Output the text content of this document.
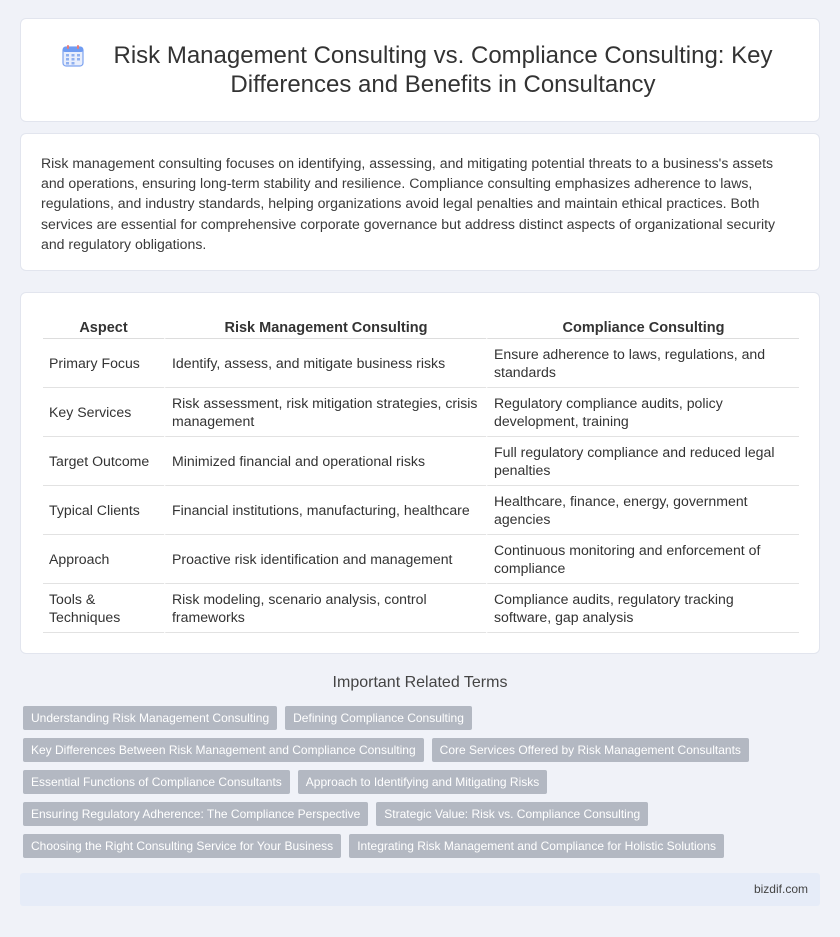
Risk Management Consulting vs. Compliance Consulting: Key Differences and Benefits in Consultancy

Risk management consulting focuses on identifying, assessing, and mitigating potential threats to a business's assets and operations, ensuring long-term stability and resilience. Compliance consulting emphasizes adherence to laws, regulations, and industry standards, helping organizations avoid legal penalties and maintain ethical practices. Both services are essential for comprehensive corporate governance but address distinct aspects of organizational security and regulatory obligations.

Aspect	Risk Management Consulting	Compliance Consulting
Primary Focus	Identify, assess, and mitigate business risks	Ensure adherence to laws, regulations, and standards
Key Services	Risk assessment, risk mitigation strategies, crisis management	Regulatory compliance audits, policy development, training
Target Outcome	Minimized financial and operational risks	Full regulatory compliance and reduced legal penalties
Typical Clients	Financial institutions, manufacturing, healthcare	Healthcare, finance, energy, government agencies
Approach	Proactive risk identification and management	Continuous monitoring and enforcement of compliance
Tools & Techniques	Risk modeling, scenario analysis, control frameworks	Compliance audits, regulatory tracking software, gap analysis
Important Related Terms
Understanding Risk Management Consulting	Defining Compliance Consulting
Key Differences Between Risk Management and Compliance Consulting	Core Services Offered by Risk Management Consultants
Essential Functions of Compliance Consultants	Approach to Identifying and Mitigating Risks
Ensuring Regulatory Adherence: The Compliance Perspective	Strategic Value: Risk vs. Compliance Consulting
Choosing the Right Consulting Service for Your Business	Integrating Risk Management and Compliance for Holistic Solutions
bizdif.com
